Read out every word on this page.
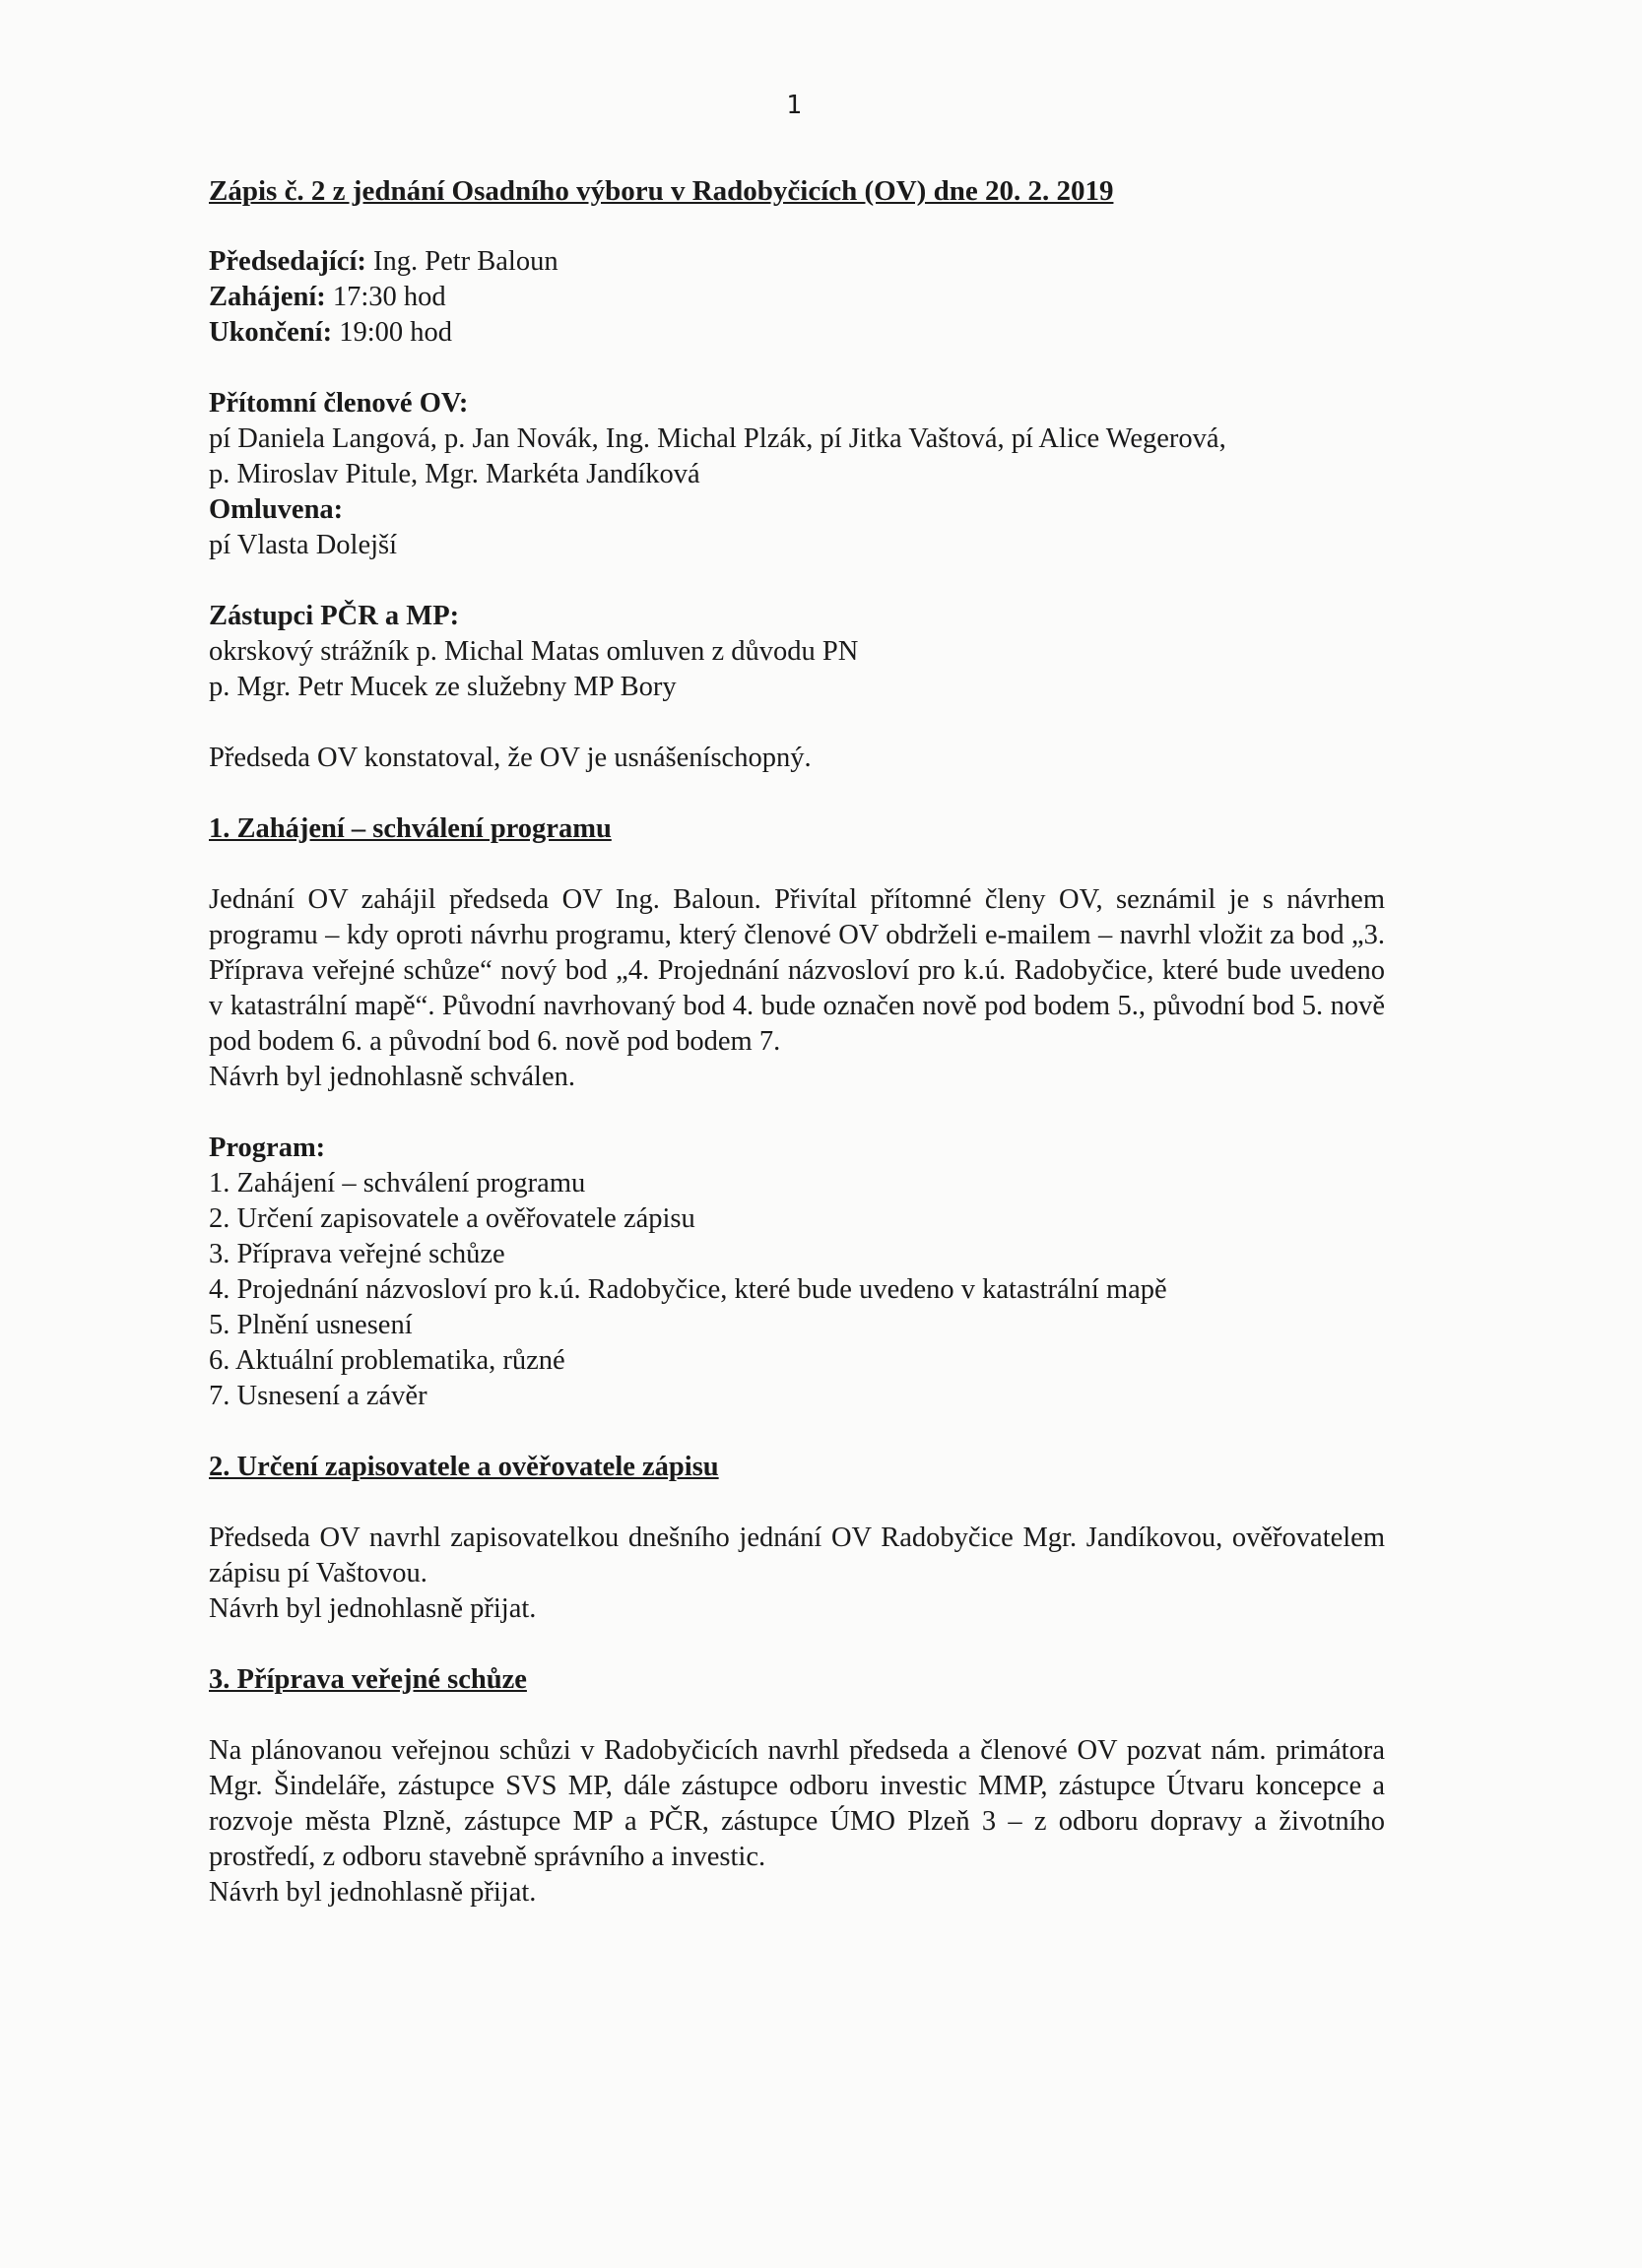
1

Zápis č. 2 z jednání Osadního výboru v Radobyčicích (OV) dne 20. 2. 2019

Předsedající: Ing. Petr Baloun

Zahájení: 17:30 hod

Ukončení: 19:00 hod

Přítomní členové OV:

pí Daniela Langová, p. Jan Novák, Ing. Michal Plzák, pí Jitka Vaštová, pí Alice Wegerová,

p. Miroslav Pitule, Mgr. Markéta Jandíková

Omluvena:

pí Vlasta Dolejší

Zástupci PČR a MP:

okrskový strážník p. Michal Matas omluven z důvodu PN

p. Mgr. Petr Mucek ze služebny MP Bory

Předseda OV konstatoval, že OV je usnášeníschopný.

1. Zahájení – schválení programu

Jednání OV zahájil předseda OV Ing. Baloun. Přivítal přítomné členy OV, seznámil je s návrhem programu – kdy oproti návrhu programu, který členové OV obdrželi e-mailem – navrhl vložit za bod „3. Příprava veřejné schůze“ nový bod „4. Projednání názvosloví pro k.ú. Radobyčice, které bude uvedeno v katastrální mapě“. Původní navrhovaný bod 4. bude označen nově pod bodem 5., původní bod 5. nově pod bodem 6. a původní bod 6. nově pod bodem 7.

Návrh byl jednohlasně schválen.

Program:

1. Zahájení – schválení programu
2. Určení zapisovatele a ověřovatele zápisu
3. Příprava veřejné schůze
4. Projednání názvosloví pro k.ú. Radobyčice, které bude uvedeno v katastrální mapě
5. Plnění usnesení
6. Aktuální problematika, různé
7. Usnesení a závěr

2. Určení zapisovatele a ověřovatele zápisu

Předseda OV navrhl zapisovatelkou dnešního jednání OV Radobyčice Mgr. Jandíkovou, ověřovatelem zápisu pí Vaštovou.

Návrh byl jednohlasně přijat.

3. Příprava veřejné schůze

Na plánovanou veřejnou schůzi v Radobyčicích navrhl předseda a členové OV pozvat nám. primátora Mgr. Šindeláře, zástupce SVS MP, dále zástupce odboru investic MMP, zástupce Útvaru koncepce a rozvoje města Plzně, zástupce MP a PČR, zástupce ÚMO Plzeň 3 – z odboru dopravy a životního prostředí, z odboru stavebně správního a investic.

Návrh byl jednohlasně přijat.
